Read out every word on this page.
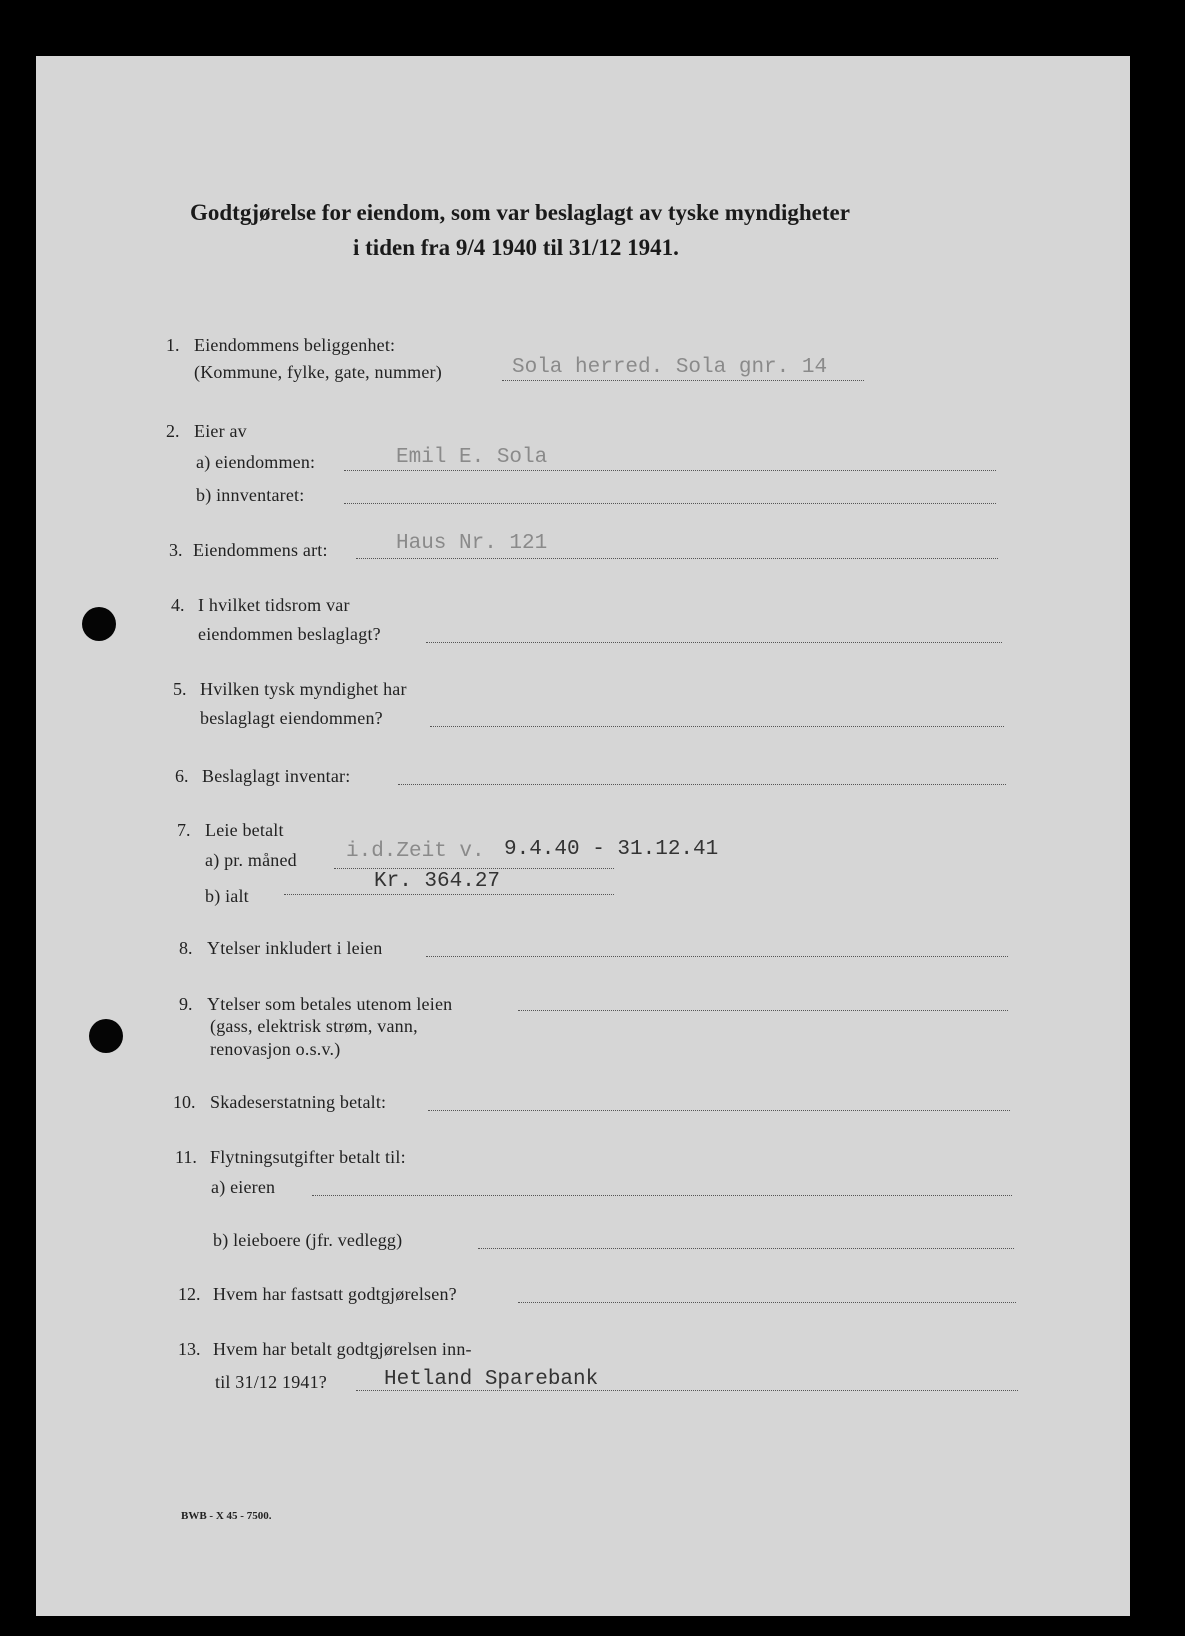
Godtgjørelse for eiendom, som var beslaglagt av tyske myndigheter
i tiden fra 9/4 1940 til 31/12 1941.
1. Eiendommens beliggenhet:
(Kommune, fylke, gate, nummer)	Sola herred. Sola gnr. 14
2. Eier av
a) eiendommen:	Emil E. Sola
b) innventaret:
3. Eiendommens art:	Haus Nr. 121
4. I hvilket tidsrom var
eiendommen beslaglagt?
5. Hvilken tysk myndighet har
beslaglagt eiendommen?
6. Beslaglagt inventar:
7. Leie betalt
a) pr. måned i.d.Zeit v. 9.4.40 - 31.12.41
b) ialt
Kr. 364.27
8. Ytelser inkludert i leien
9. Ytelser som betales utenom leien
(gass, elektrisk strøm, vann,
renovasjon o.s.v.)
10. Skadeserstatning betalt:
11. Flytningsutgifter betalt til:
a) eieren
b) leieboere (jfr. vedlegg)
12. Hvem har fastsatt godtgjørelsen?
13. Hvem har betalt godtgjørelsen inn-
til 31/12 1941?	Hetland Sparebank
BWB - X 45 - 7500.
